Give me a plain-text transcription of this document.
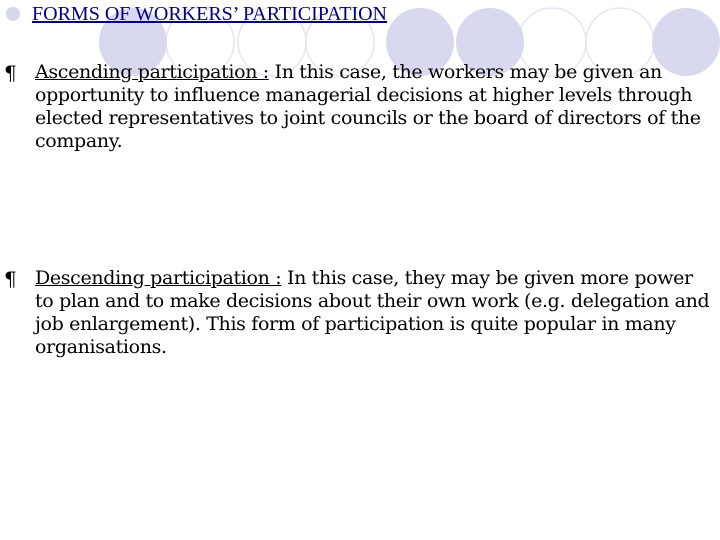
FORMS OF WORKERS’ PARTICIPATION
¶ Ascending participation : In this case, the workers may be given an opportunity to influence managerial decisions at higher levels through elected representatives to joint councils or the board of directors of the company.
¶ Descending participation : In this case, they may be given more power to plan and to make decisions about their own work (e.g. delegation and job enlargement). This form of participation is quite popular in many organisations.
